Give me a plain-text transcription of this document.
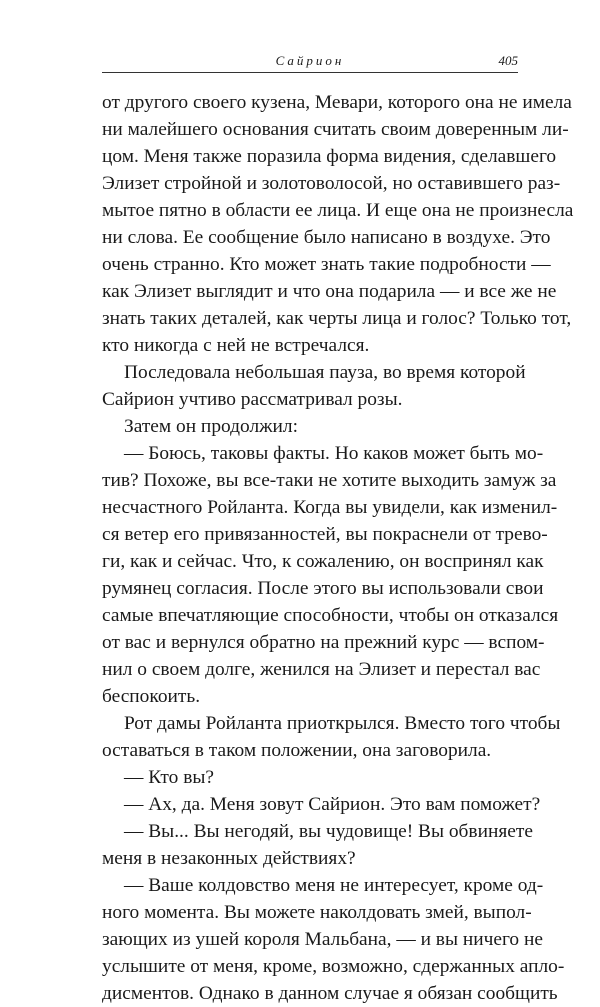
Сайрион	405
от другого своего кузена, Мевари, которого она не имела
ни малейшего основания считать своим доверенным ли-
цом. Меня также поразила форма видения, сделавшего
Элизет стройной и золотоволосой, но оставившего раз-
мытое пятно в области ее лица. И еще она не произнесла
ни слова. Ее сообщение было написано в воздухе. Это
очень странно. Кто может знать такие подробности —
как Элизет выглядит и что она подарила — и все же не
знать таких деталей, как черты лица и голос? Только тот,
кто никогда с ней не встречался.
Последовала небольшая пауза, во время которой
Сайрион учтиво рассматривал розы.
Затем он продолжил:
— Боюсь, таковы факты. Но каков может быть мо-
тив? Похоже, вы все-таки не хотите выходить замуж за
несчастного Ройланта. Когда вы увидели, как изменил-
ся ветер его привязанностей, вы покраснели от трево-
ги, как и сейчас. Что, к сожалению, он воспринял как
румянец согласия. После этого вы использовали свои
самые впечатляющие способности, чтобы он отказался
от вас и вернулся обратно на прежний курс — вспом-
нил о своем долге, женился на Элизет и перестал вас
беспокоить.
Рот дамы Ройланта приоткрылся. Вместо того чтобы
оставаться в таком положении, она заговорила.
— Кто вы?
— Ах, да. Меня зовут Сайрион. Это вам поможет?
— Вы... Вы негодяй, вы чудовище! Вы обвиняете
меня в незаконных действиях?
— Ваше колдовство меня не интересует, кроме од-
ного момента. Вы можете наколдовать змей, выпол-
зающих из ушей короля Мальбана, — и вы ничего не
услышите от меня, кроме, возможно, сдержанных апло-
дисментов. Однако в данном случае я обязан сообщить
